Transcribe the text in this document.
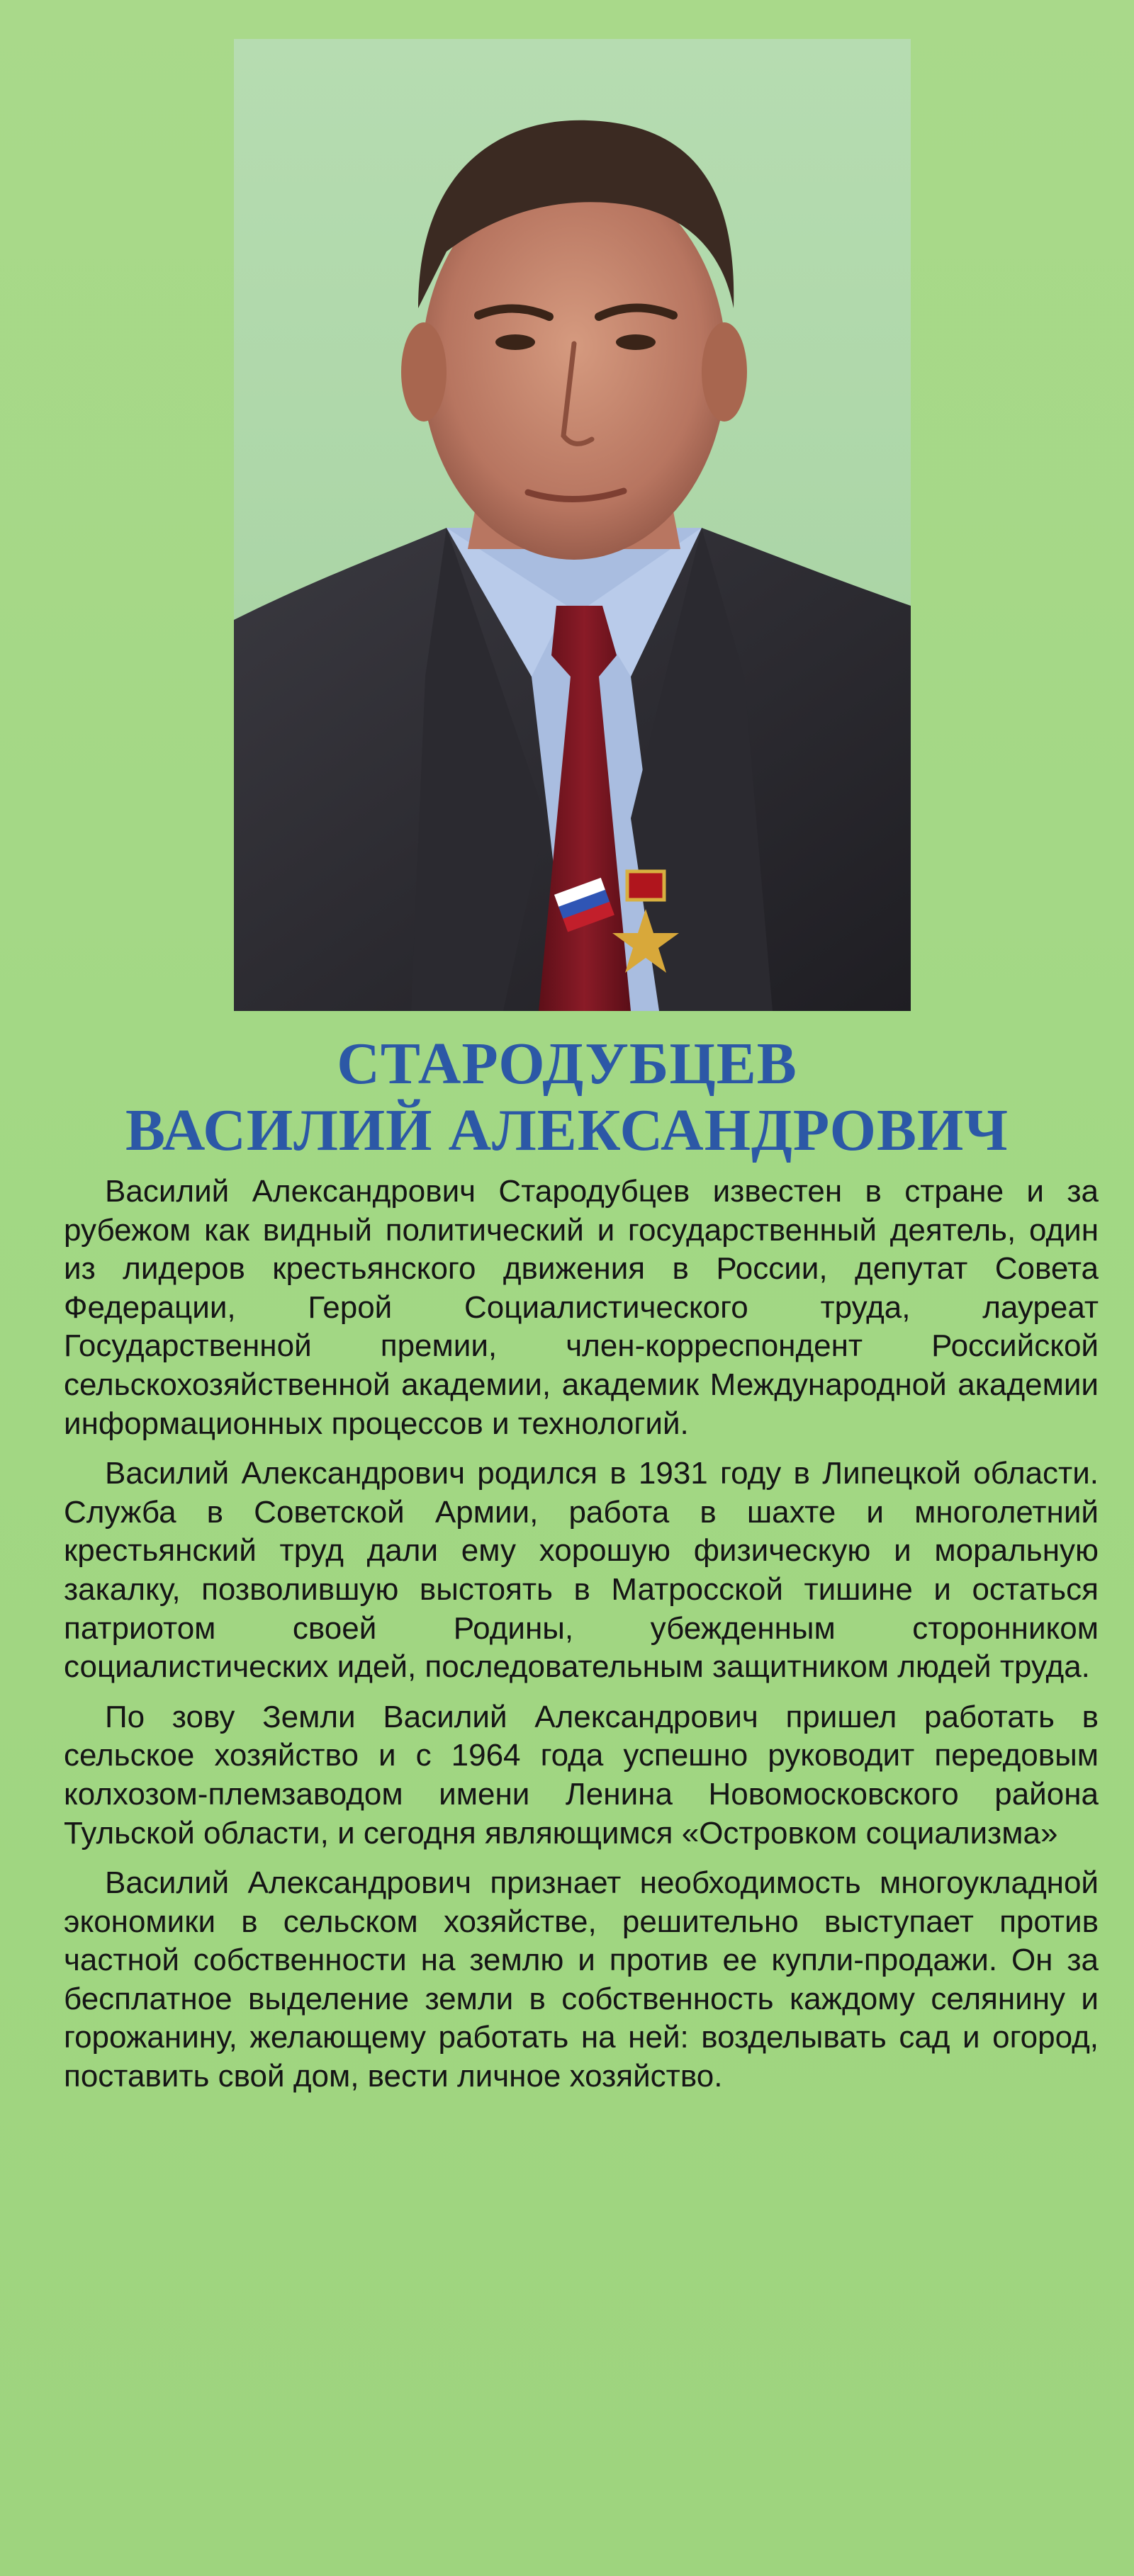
СТАРОДУБЦЕВ
ВАСИЛИЙ АЛЕКСАНДРОВИЧ

Василий Александрович Стародубцев известен в стране и за рубежом как видный политический и государственный деятель, один из лидеров крестьянского движения в России, депутат Совета Федерации, Герой Социалистического труда, лауреат Государственной премии, член-корреспондент Российской сельскохозяйственной академии, академик Международной академии информационных процессов и технологий.

Василий Александрович родился в 1931 году в Липецкой области. Служба в Советской Армии, работа в шахте и многолетний крестьянский труд дали ему хорошую физическую и моральную закалку, позволившую выстоять в Матросской тишине и остаться патриотом своей Родины, убежденным сторонником социалистических идей, последовательным защитником людей труда.

По зову Земли Василий Александрович пришел работать в сельское хозяйство и с 1964 года успешно руководит передовым колхозом-племзаводом имени Ленина Новомосковского района Тульской области, и сегодня являющимся «Островком социализма»

Василий Александрович признает необходимость многоукладной экономики в сельском хозяйстве, решительно выступает против частной собственности на землю и против ее купли-продажи. Он за бесплатное выделение земли в собственность каждому селянину и горожанину, желающему работать на ней: возделывать сад и огород, поставить свой дом, вести личное хозяйство.
